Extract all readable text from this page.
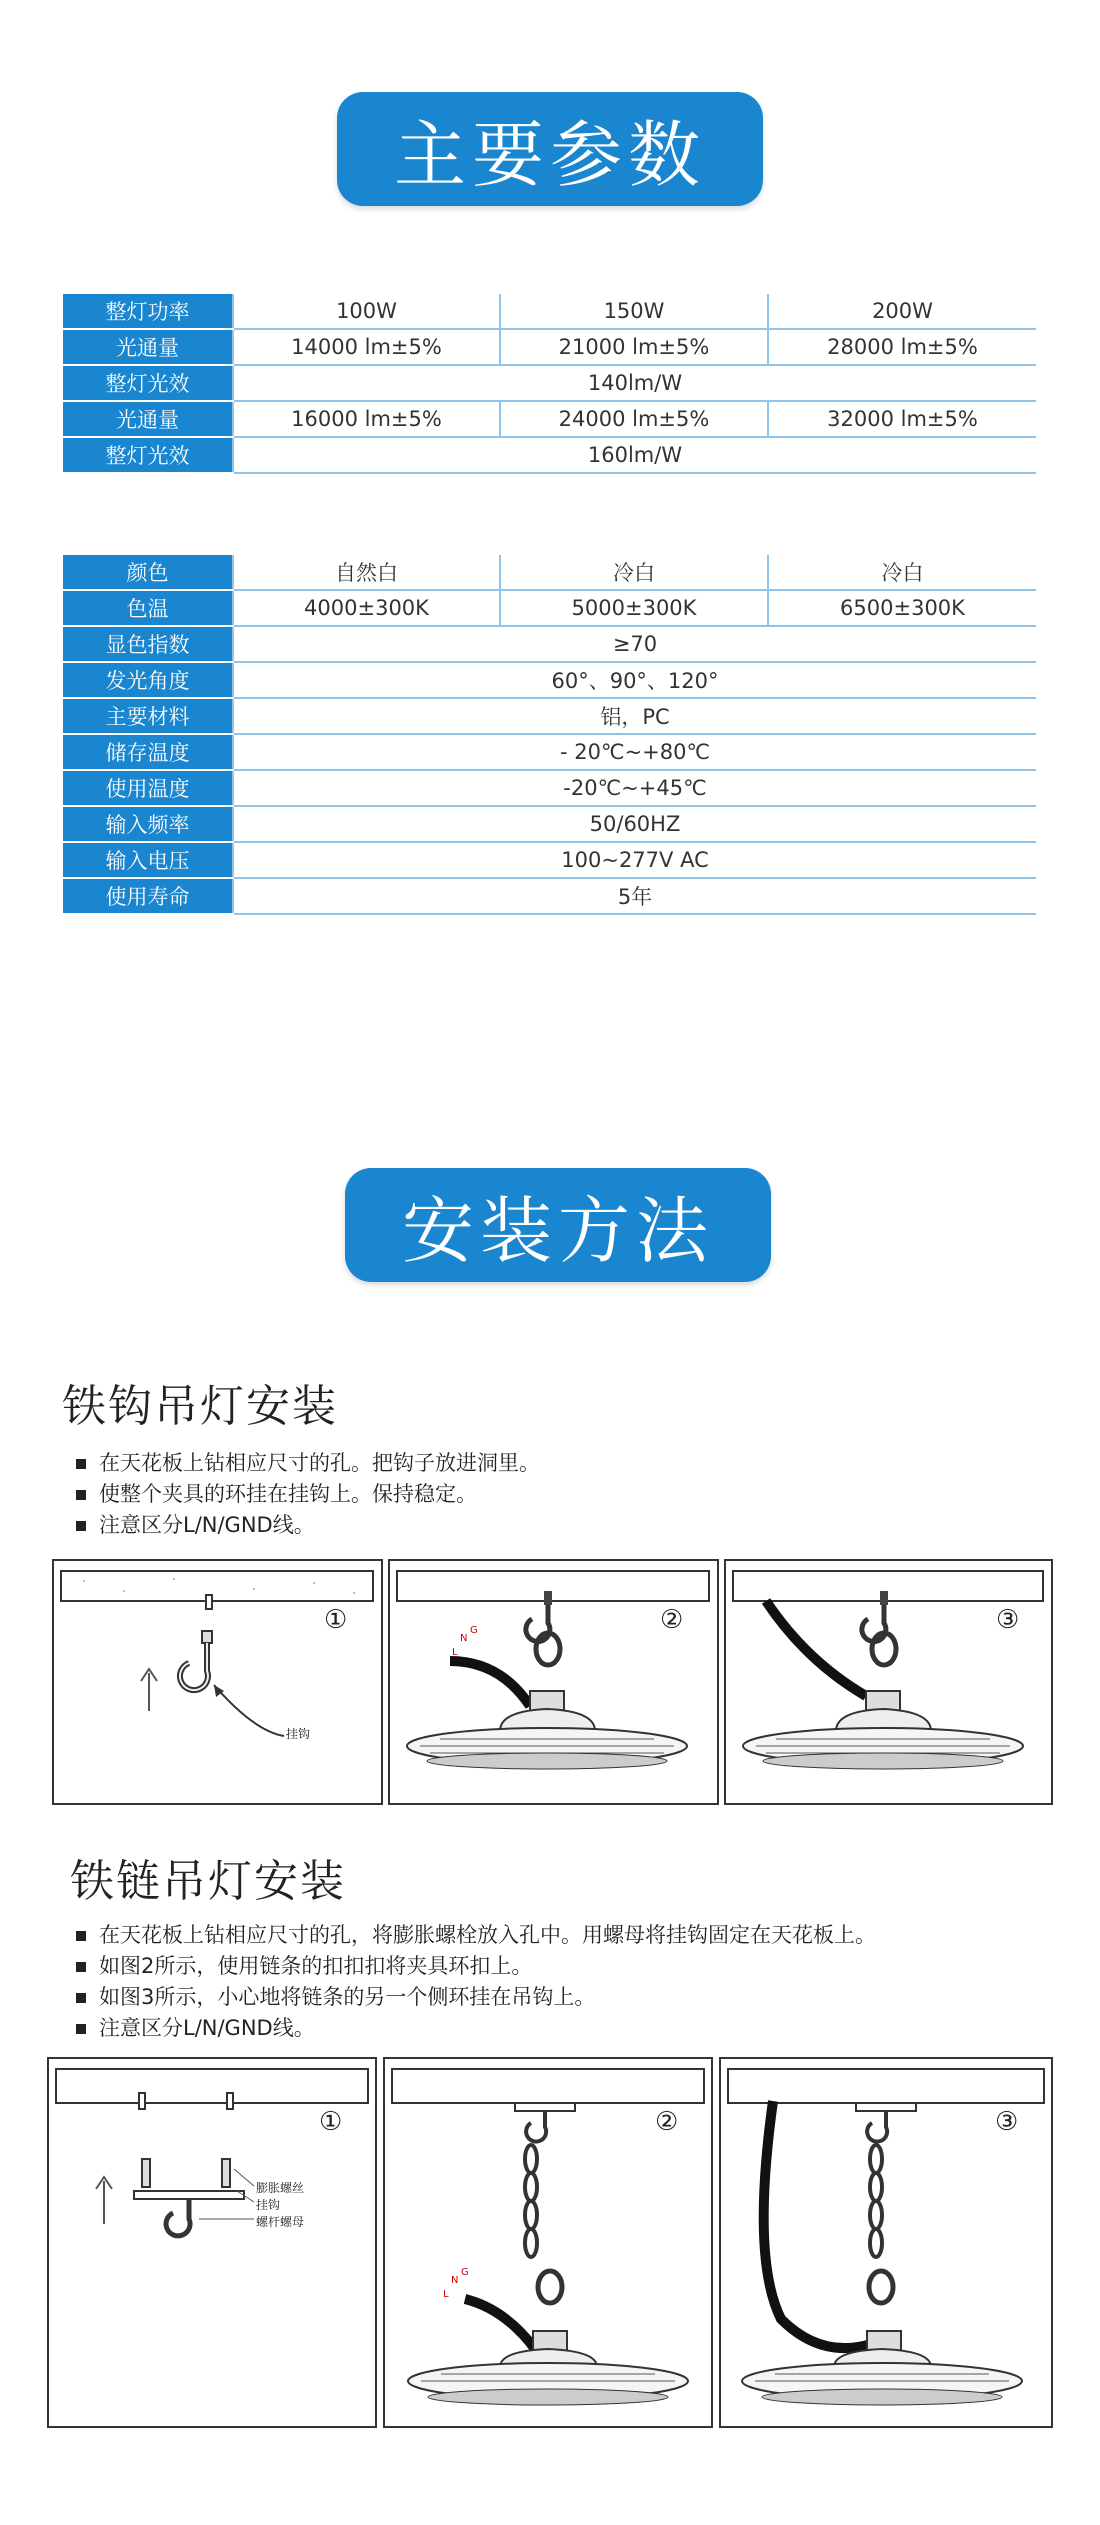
主要参数
整灯功率	100W	150W	200W
光通量	14000 lm±5%	21000 lm±5%	28000 lm±5%
整灯光效	140lm/W		
光通量	16000 lm±5%	24000 lm±5%	32000 lm±5%
整灯光效	160lm/W		
颜色	自然白	冷白	冷白
色温	4000±300K	5000±300K	6500±300K
显色指数	≥70		
发光角度	60°、90°、120°		
主要材料	铝，PC		
储存温度	- 20℃~+80℃		
使用温度	-20℃~+45℃		
输入频率	50/60HZ		
输入电压	100~277V AC		
使用寿命	5年		
安装方法
铁钩吊灯安装
在天花板上钻相应尺寸的孔。把钩子放进洞里。
使整个夹具的环挂在挂钩上。保持稳定。
注意区分L/N/GND线。
挂钩
①
N
G
L
②	③
铁链吊灯安装
在天花板上钻相应尺寸的孔，将膨胀螺栓放入孔中。用螺母将挂钩固定在天花板上。
如图2所示，使用链条的扣扣扣将夹具环扣上。
如图3所示，小心地将链条的另一个侧环挂在吊钩上。
注意区分L/N/GND线。
膨胀螺丝
挂钩
螺杆螺母
①
N
G
L
②	③
